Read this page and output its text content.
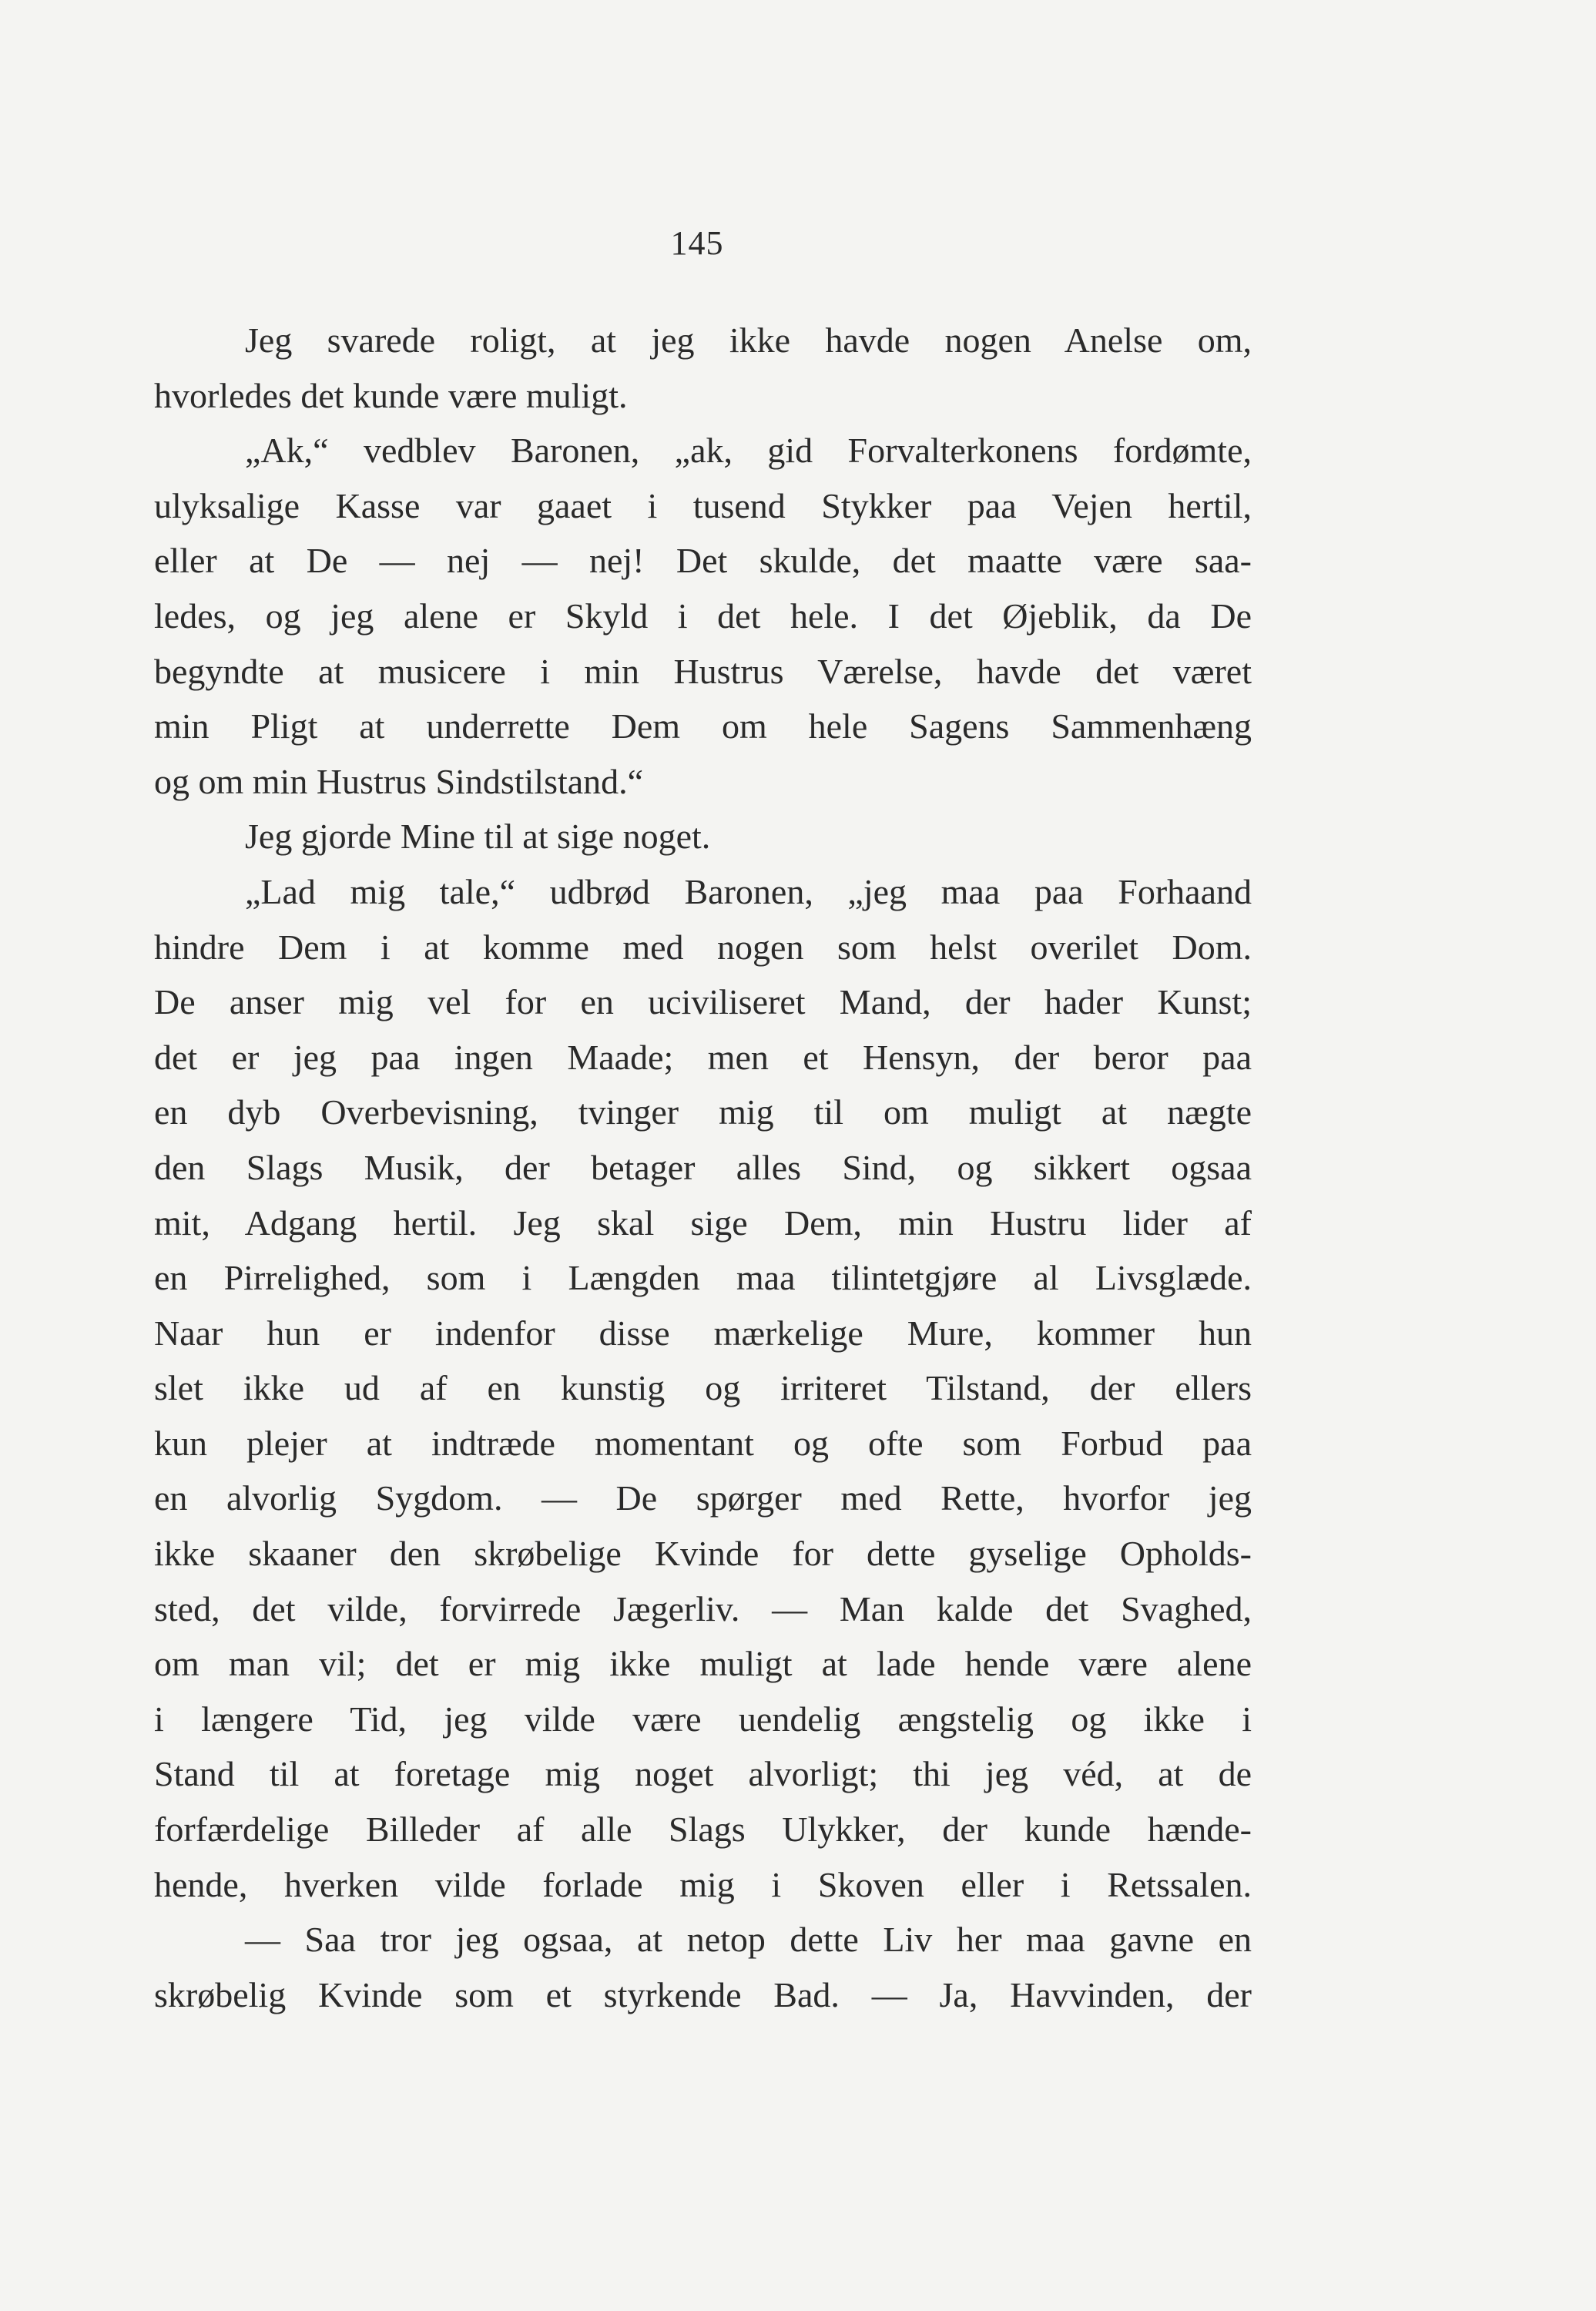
145
Jeg svarede roligt, at jeg ikke havde nogen Anelse om,
hvorledes det kunde være muligt.
„Ak,“ vedblev Baronen, „ak, gid Forvalterkonens fordømte,
ulyksalige Kasse var gaaet i tusend Stykker paa Vejen hertil,
eller at De — nej — nej! Det skulde, det maatte være saa-
ledes, og jeg alene er Skyld i det hele. I det Øjeblik, da De
begyndte at musicere i min Hustrus Værelse, havde det været
min Pligt at underrette Dem om hele Sagens Sammenhæng
og om min Hustrus Sindstilstand.“
Jeg gjorde Mine til at sige noget.
„Lad mig tale,“ udbrød Baronen, „jeg maa paa Forhaand
hindre Dem i at komme med nogen som helst overilet Dom.
De anser mig vel for en uciviliseret Mand, der hader Kunst;
det er jeg paa ingen Maade; men et Hensyn, der beror paa
en dyb Overbevisning, tvinger mig til om muligt at nægte
den Slags Musik, der betager alles Sind, og sikkert ogsaa
mit, Adgang hertil. Jeg skal sige Dem, min Hustru lider af
en Pirrelighed, som i Længden maa tilintetgjøre al Livsglæde.
Naar hun er indenfor disse mærkelige Mure, kommer hun
slet ikke ud af en kunstig og irriteret Tilstand, der ellers
kun plejer at indtræde momentant og ofte som Forbud paa
en alvorlig Sygdom. — De spørger med Rette, hvorfor jeg
ikke skaaner den skrøbelige Kvinde for dette gyselige Opholds-
sted, det vilde, forvirrede Jægerliv. — Man kalde det Svaghed,
om man vil; det er mig ikke muligt at lade hende være alene
i længere Tid, jeg vilde være uendelig ængstelig og ikke i
Stand til at foretage mig noget alvorligt; thi jeg véd, at de
forfærdelige Billeder af alle Slags Ulykker, der kunde hænde-
hende, hverken vilde forlade mig i Skoven eller i Retssalen.
— Saa tror jeg ogsaa, at netop dette Liv her maa gavne en
skrøbelig Kvinde som et styrkende Bad. — Ja, Havvinden, der
